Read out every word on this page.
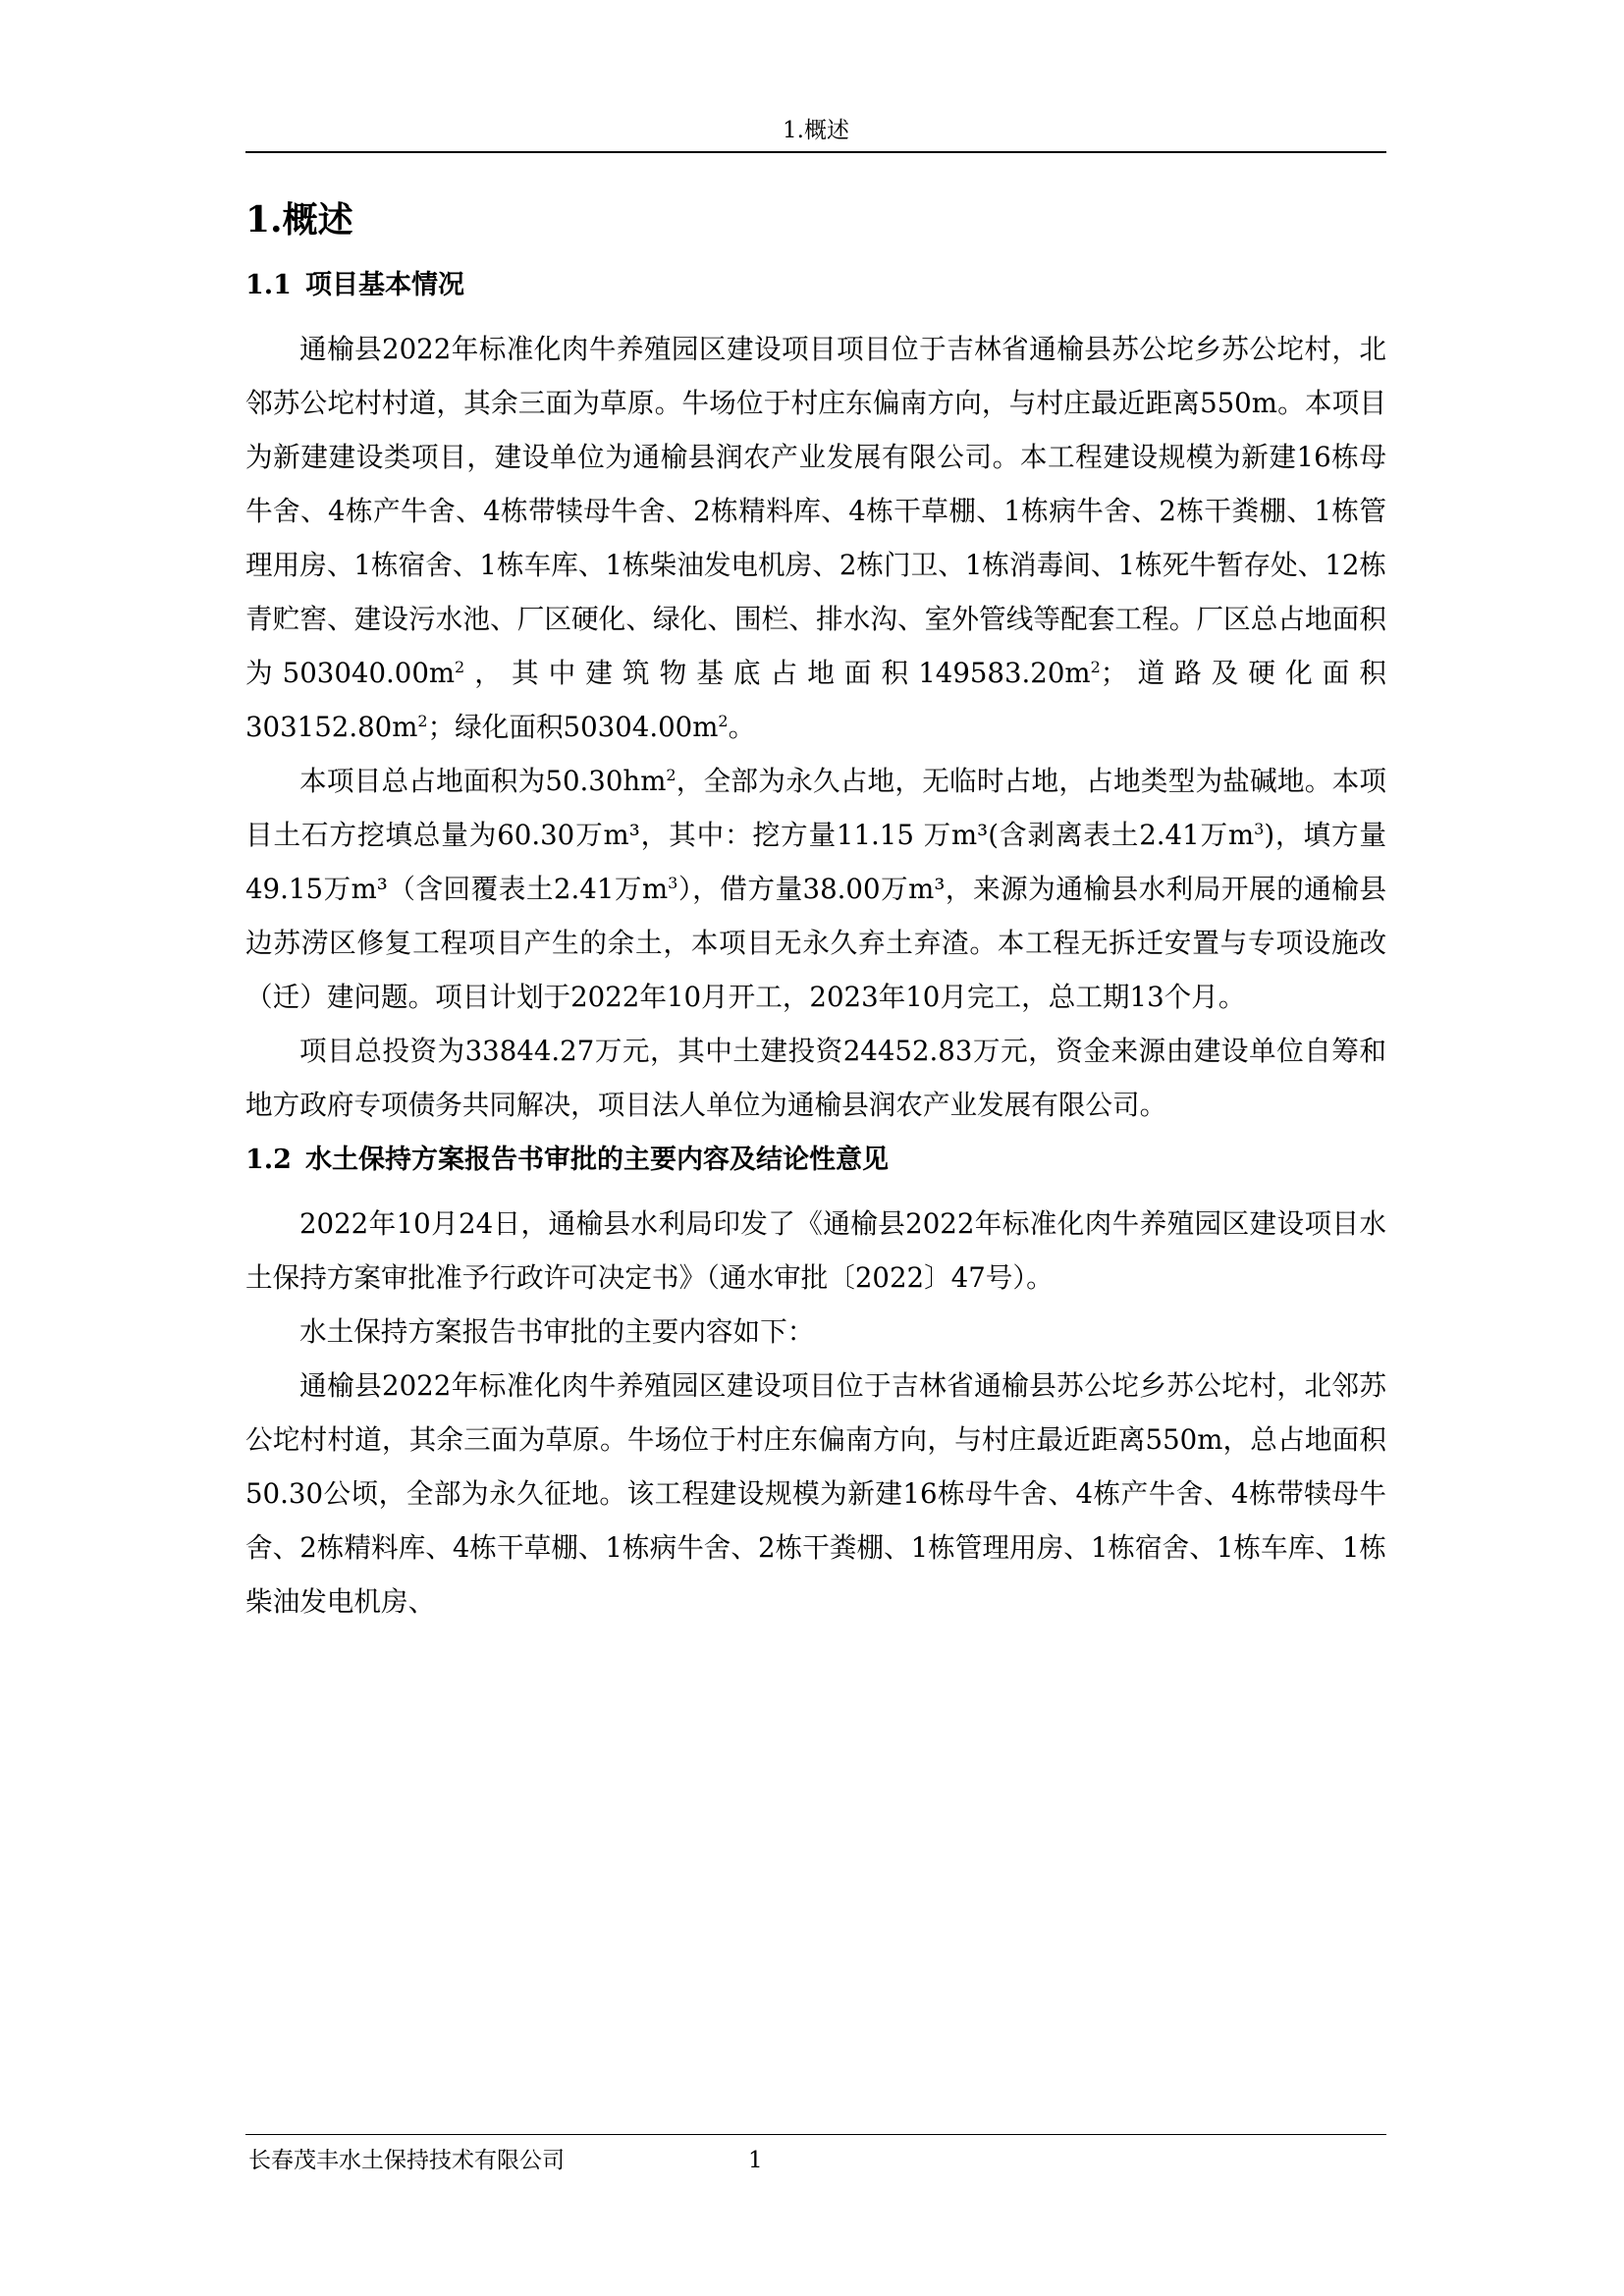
1.概述
1.概述
1.1 项目基本情况

通榆县2022年标准化肉牛养殖园区建设项目项目位于吉林省通榆县苏公坨乡苏公坨村，北邻苏公坨村村道，其余三面为草原。牛场位于村庄东偏南方向，与村庄最近距离550m。本项目为新建建设类项目，建设单位为通榆县润农产业发展有限公司。本工程建设规模为新建16栋母牛舍、4栋产牛舍、4栋带犊母牛舍、2栋精料库、4栋干草棚、1栋病牛舍、2栋干粪棚、1栋管理用房、1栋宿舍、1栋车库、1栋柴油发电机房、2栋门卫、1栋消毒间、1栋死牛暂存处、12栋青贮窖、建设污水池、厂区硬化、绿化、围栏、排水沟、室外管线等配套工程。厂区总占地面积为$503040.00m^2$，其中建筑物基底占地面积$149583.20m^2$；道路及硬化面积$303152.80m^2$；绿化面积$50304.00m^2$。

本项目总占地面积为$50.30hm^2$，全部为永久占地，无临时占地，占地类型为盐碱地。本项目土石方挖填总量为60.30万m³，其中：挖方量11.15 万m³(含剥离表土2.41万$m^3$)，填方量49.15万m³（含回覆表土2.41万$m^3$），借方量38.00万m³，来源为通榆县水利局开展的通榆县边苏涝区修复工程项目产生的余土，本项目无永久弃土弃渣。本工程无拆迁安置与专项设施改（迁）建问题。项目计划于2022年10月开工，2023年10月完工，总工期13个月。

项目总投资为33844.27万元，其中土建投资24452.83万元，资金来源由建设单位自筹和地方政府专项债务共同解决，项目法人单位为通榆县润农产业发展有限公司。

1.2 水土保持方案报告书审批的主要内容及结论性意见

2022年10月24日，通榆县水利局印发了《通榆县2022年标准化肉牛养殖园区建设项目水土保持方案审批准予行政许可决定书》（通水审批〔2022〕47号）。

水土保持方案报告书审批的主要内容如下：

通榆县2022年标准化肉牛养殖园区建设项目位于吉林省通榆县苏公坨乡苏公坨村，北邻苏公坨村村道，其余三面为草原。牛场位于村庄东偏南方向，与村庄最近距离550m，总占地面积50.30公顷，全部为永久征地。该工程建设规模为新建16栋母牛舍、4栋产牛舍、4栋带犊母牛舍、2栋精料库、4栋干草棚、1栋病牛舍、2栋干粪棚、1栋管理用房、1栋宿舍、1栋车库、1栋柴油发电机房、

长春茂丰水土保持技术有限公司	1
